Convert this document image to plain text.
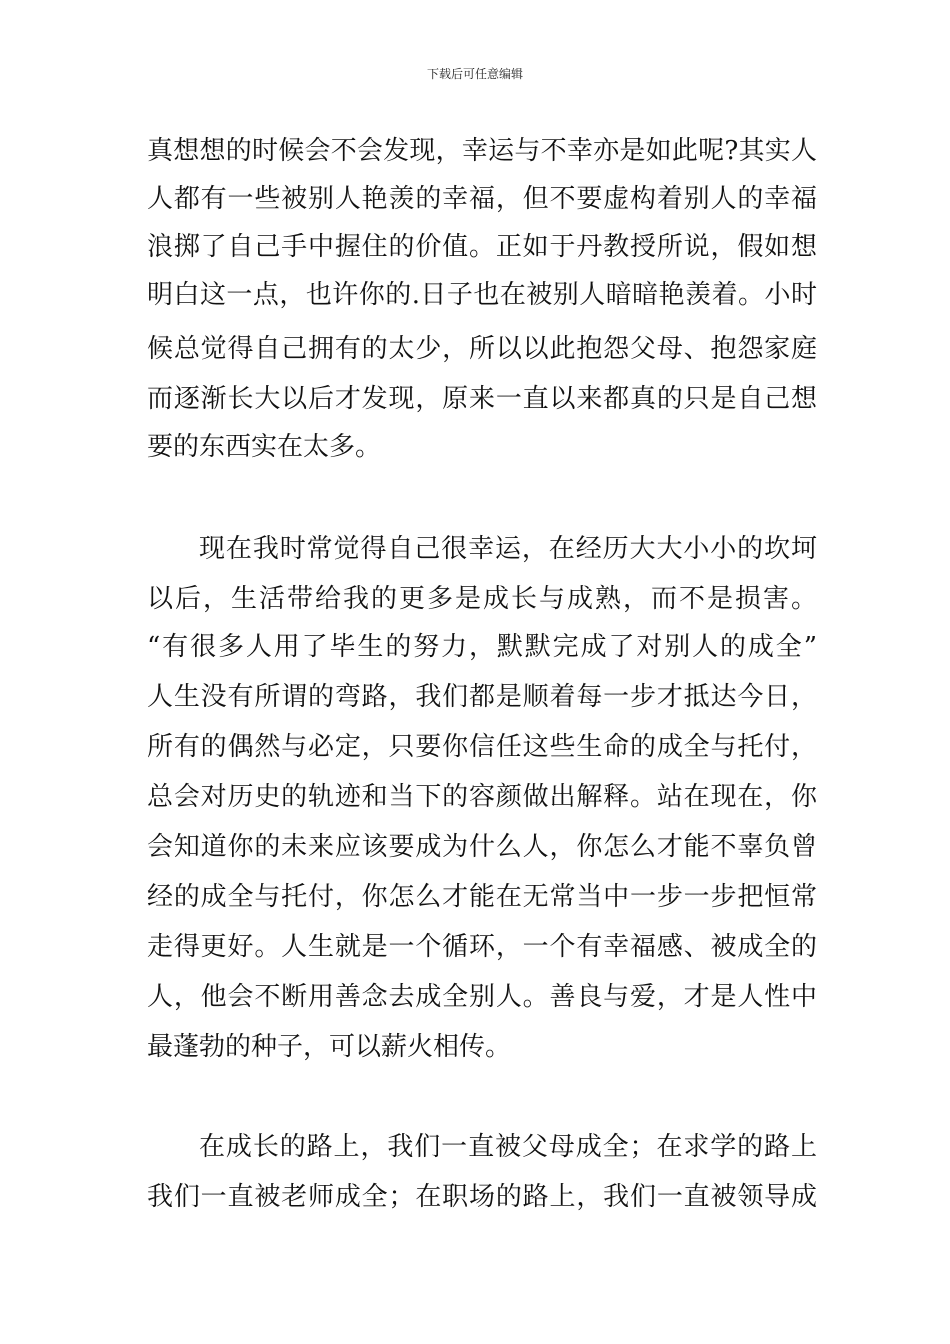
下载后可任意编辑
真想想的时候会不会发现，幸运与不幸亦是如此呢?其实人
人都有一些被别人艳羡的幸福，但不要虚构着别人的幸福
浪掷了自己手中握住的价值。正如于丹教授所说，假如想
明白这一点，也许你的.日子也在被别人暗暗艳羡着。小时
候总觉得自己拥有的太少，所以以此抱怨父母、抱怨家庭
而逐渐长大以后才发现，原来一直以来都真的只是自己想
要的东西实在太多。
现在我时常觉得自己很幸运，在经历大大小小的坎坷
以后，生活带给我的更多是成长与成熟，而不是损害。
“有很多人用了毕生的努力，默默完成了对别人的成全”
人生没有所谓的弯路，我们都是顺着每一步才抵达今日，
所有的偶然与必定，只要你信任这些生命的成全与托付，
总会对历史的轨迹和当下的容颜做出解释。站在现在，你
会知道你的未来应该要成为什么人，你怎么才能不辜负曾
经的成全与托付，你怎么才能在无常当中一步一步把恒常
走得更好。人生就是一个循环，一个有幸福感、被成全的
人，他会不断用善念去成全别人。善良与爱，才是人性中
最蓬勃的种子，可以薪火相传。
在成长的路上，我们一直被父母成全；在求学的路上
我们一直被老师成全；在职场的路上，我们一直被领导成
